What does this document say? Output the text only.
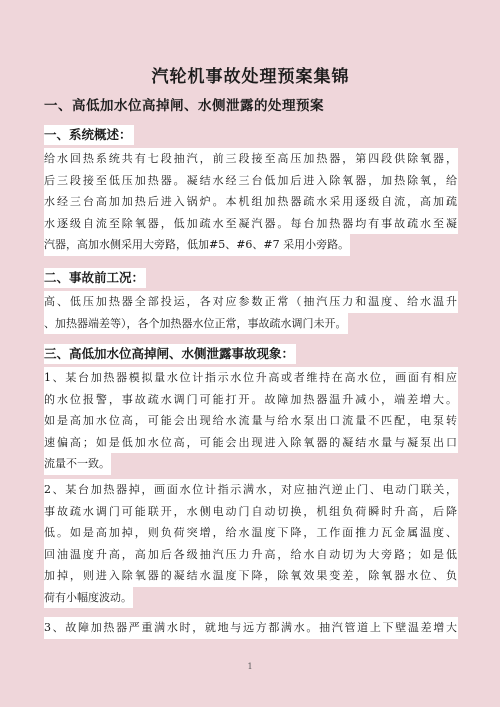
汽轮机事故处理预案集锦
一、高低加水位高掉闸、水侧泄露的处理预案
一、系统概述：
给水回热系统共有七段抽汽，前三段接至高压加热器，第四段供除氧器，
后三段接至低压加热器。凝结水经三台低加后进入除氧器，加热除氧，给
水经三台高加加热后进入锅炉。本机组加热器疏水采用逐级自流，高加疏
水逐级自流至除氧器，低加疏水至凝汽器。每台加热器均有事故疏水至凝
汽器，高加水侧采用大旁路，低加#5、#6、#7 采用小旁路。
二、事故前工况：
高、低压加热器全部投运，各对应参数正常（抽汽压力和温度、给水温升
、加热器端差等），各个加热器水位正常，事故疏水调门未开。
三、高低加水位高掉闸、水侧泄露事故现象：
1、某台加热器模拟量水位计指示水位升高或者维持在高水位，画面有相应
的水位报警，事故疏水调门可能打开。故障加热器温升减小，端差增大。
如是高加水位高，可能会出现给水流量与给水泵出口流量不匹配，电泵转
速偏高；如是低加水位高，可能会出现进入除氧器的凝结水量与凝泵出口
流量不一致。
2、某台加热器掉，画面水位计指示满水，对应抽汽逆止门、电动门联关，
事故疏水调门可能联开，水侧电动门自动切换，机组负荷瞬时升高，后降
低。如是高加掉，则负荷突增，给水温度下降，工作面推力瓦金属温度、
回油温度升高，高加后各级抽汽压力升高，给水自动切为大旁路；如是低
加掉，则进入除氧器的凝结水温度下降，除氧效果变差，除氧器水位、负
荷有小幅度波动。
3、故障加热器严重满水时，就地与远方都满水。抽汽管道上下壁温差增大
1
